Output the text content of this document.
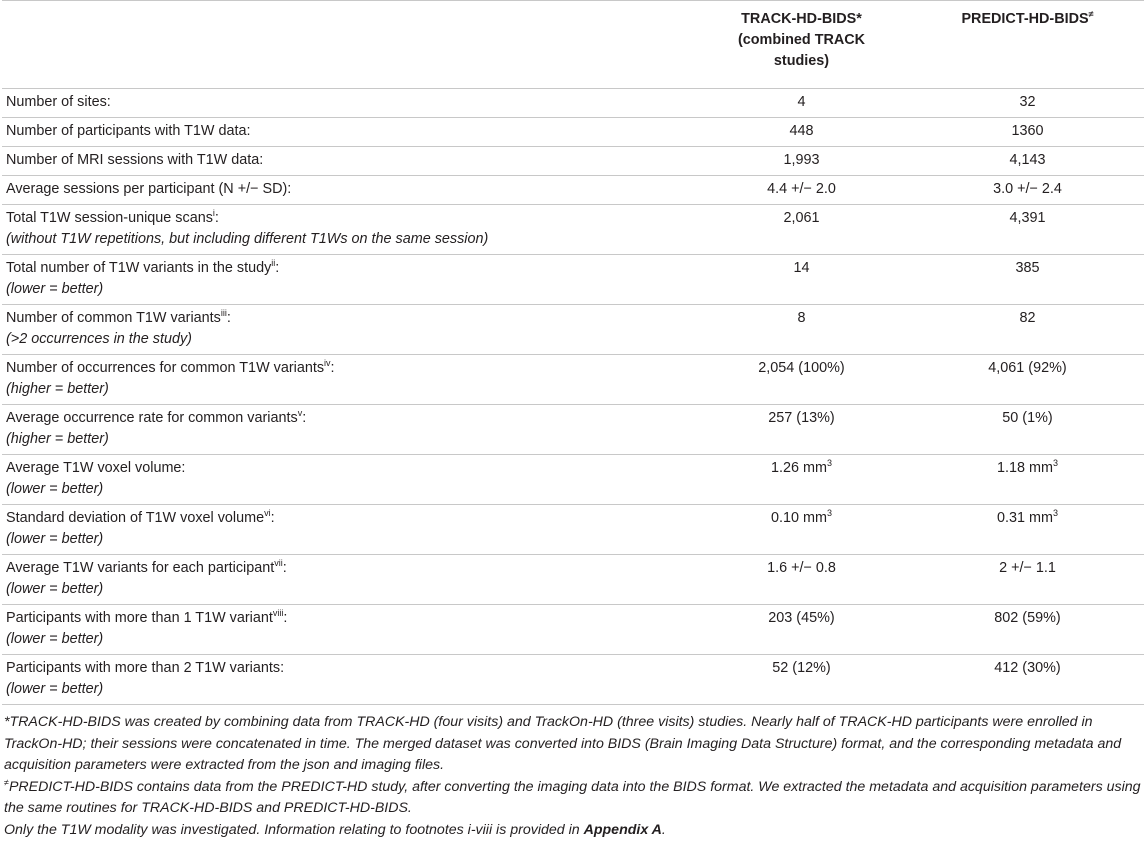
	TRACK-HD-BIDS*
(combined TRACK
studies)	PREDICT-HD-BIDS≠
Number of sites:	4	32
Number of participants with T1W data:	448	1360
Number of MRI sessions with T1W data:	1,993	4,143
Average sessions per participant (N +/− SD):	4.4 +/− 2.0	3.0 +/− 2.4
Total T1W session-unique scans$^i$:
(without T1W repetitions, but including different T1Ws on the same session)	2,061	4,391
Total number of T1W variants in the study$^{ii}$:
(lower = better)	14	385
Number of common T1W variants$^{iii}$:
(>2 occurrences in the study)	8	82
Number of occurrences for common T1W variants$^{iv}$:
(higher = better)	2,054 (100%)	4,061 (92%)
Average occurrence rate for common variants$^v$:
(higher = better)	257 (13%)	50 (1%)
Average T1W voxel volume:
(lower = better)	1.26 $mm^3$	1.18 $mm^3$
Standard deviation of T1W voxel volume$^{vi}$:
(lower = better)	0.10 $mm^3$	0.31 $mm^3$
Average T1W variants for each participant$^{vii}$:
(lower = better)	1.6 +/− 0.8	2 +/− 1.1
Participants with more than 1 T1W variant$^{viii}$:
(lower = better)	203 (45%)	802 (59%)
Participants with more than 2 T1W variants:
(lower = better)	52 (12%)	412 (30%)

*TRACK-HD-BIDS was created by combining data from TRACK-HD (four visits) and TrackOn-HD (three visits) studies. Nearly half of TRACK-HD participants were enrolled in TrackOn-HD; their sessions were concatenated in time. The merged dataset was converted into BIDS (Brain Imaging Data Structure) format, and the corresponding metadata and acquisition parameters were extracted from the json and imaging files.

≠PREDICT-HD-BIDS contains data from the PREDICT-HD study, after converting the imaging data into the BIDS format. We extracted the metadata and acquisition parameters using the same routines for TRACK-HD-BIDS and PREDICT-HD-BIDS.

Only the T1W modality was investigated. Information relating to footnotes i-viii is provided in Appendix A.
